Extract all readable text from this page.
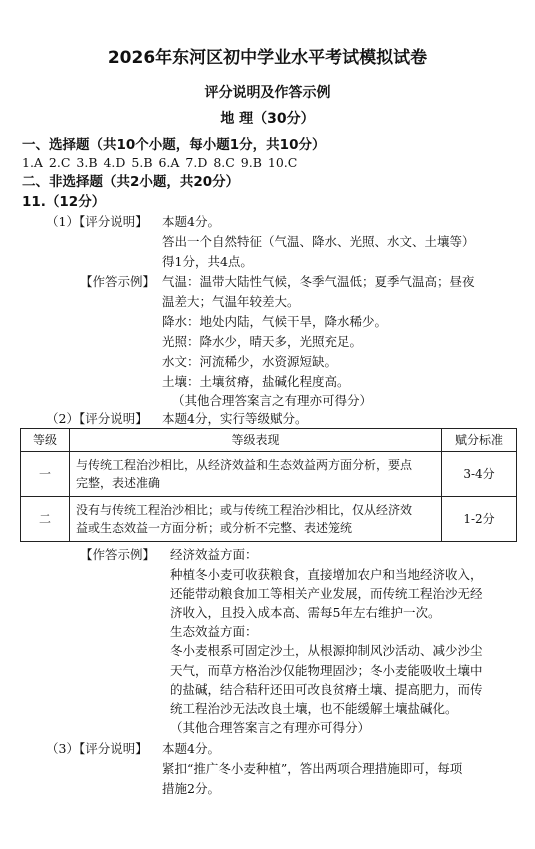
2026年东河区初中学业水平考试模拟试卷
评分说明及作答示例
地 理（30分）
一、选择题（共10个小题，每小题1分，共10分）
1.A 2.C 3.B 4.D 5.B 6.A 7.D 8.C 9.B 10.C
二、非选择题（共2小题，共20分）
11.（12分）
（1）【评分说明】 本题4分。
答出一个自然特征（气温、降水、光照、水文、土壤等）
得1分，共4点。
【作答示例】 气温：温带大陆性气候，冬季气温低；夏季气温高；昼夜
温差大；气温年较差大。
降水：地处内陆，气候干旱，降水稀少。
光照：降水少，晴天多，光照充足。
水文：河流稀少，水资源短缺。
土壤：土壤贫瘠，盐碱化程度高。
（其他合理答案言之有理亦可得分）
（2）【评分说明】 本题4分，实行等级赋分。
等级	等级表现	赋分标准
一	与传统工程治沙相比，从经济效益和生态效益两方面分析，要点
完整，表述准确	3-4分
二	没有与传统工程治沙相比；或与传统工程治沙相比，仅从经济效
益或生态效益一方面分析；或分析不完整、表述笼统	1-2分
【作答示例】 经济效益方面：
种植冬小麦可收获粮食，直接增加农户和当地经济收入，
还能带动粮食加工等相关产业发展，而传统工程治沙无经
济收入，且投入成本高、需每5年左右维护一次。
生态效益方面：
冬小麦根系可固定沙土，从根源抑制风沙活动、减少沙尘
天气，而草方格治沙仅能物理固沙；冬小麦能吸收土壤中
的盐碱，结合秸秆还田可改良贫瘠土壤、提高肥力，而传
统工程治沙无法改良土壤，也不能缓解土壤盐碱化。
（其他合理答案言之有理亦可得分）
（3）【评分说明】 本题4分。
紧扣“推广冬小麦种植”，答出两项合理措施即可，每项
措施2分。
